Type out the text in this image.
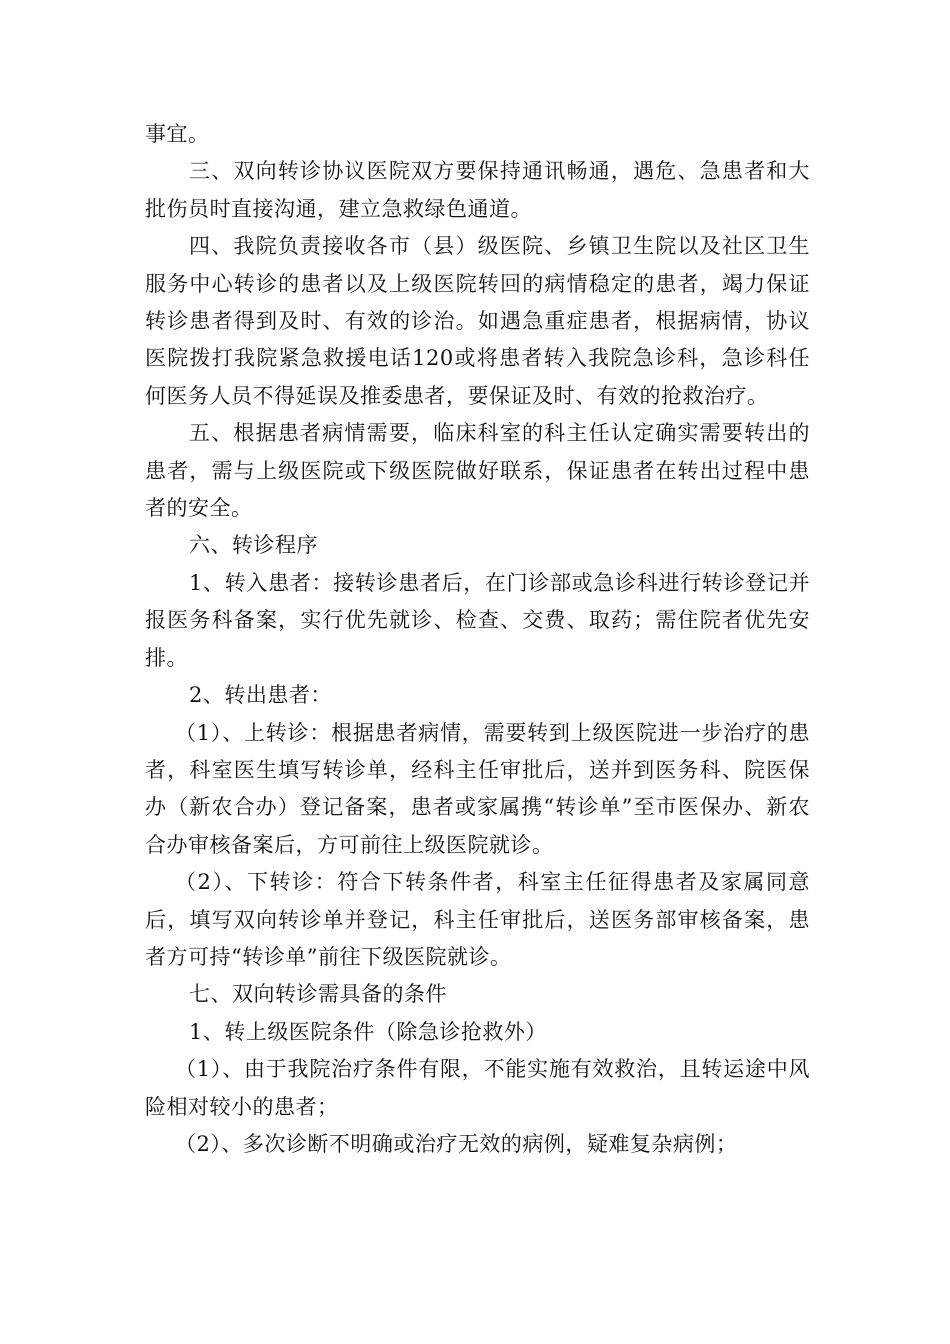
事宜。

三、双向转诊协议医院双方要保持通讯畅通，遇危、急患者和大批伤员时直接沟通，建立急救绿色通道。

四、我院负责接收各市（县）级医院、乡镇卫生院以及社区卫生服务中心转诊的患者以及上级医院转回的病情稳定的患者，竭力保证转诊患者得到及时、有效的诊治。如遇急重症患者，根据病情，协议医院拨打我院紧急救援电话120或将患者转入我院急诊科，急诊科任何医务人员不得延误及推委患者，要保证及时、有效的抢救治疗。

五、根据患者病情需要，临床科室的科主任认定确实需要转出的患者，需与上级医院或下级医院做好联系，保证患者在转出过程中患者的安全。

六、转诊程序

1、转入患者：接转诊患者后，在门诊部或急诊科进行转诊登记并报医务科备案，实行优先就诊、检查、交费、取药；需住院者优先安排。

2、转出患者：

（1）、上转诊：根据患者病情，需要转到上级医院进一步治疗的患者，科室医生填写转诊单，经科主任审批后，送并到医务科、院医保办（新农合办）登记备案，患者或家属携“转诊单”至市医保办、新农合办审核备案后，方可前往上级医院就诊。

（2）、下转诊：符合下转条件者，科室主任征得患者及家属同意后，填写双向转诊单并登记，科主任审批后，送医务部审核备案，患者方可持“转诊单”前往下级医院就诊。

七、双向转诊需具备的条件

1、转上级医院条件（除急诊抢救外）

（1）、由于我院治疗条件有限，不能实施有效救治，且转运途中风险相对较小的患者；

（2）、多次诊断不明确或治疗无效的病例，疑难复杂病例；
